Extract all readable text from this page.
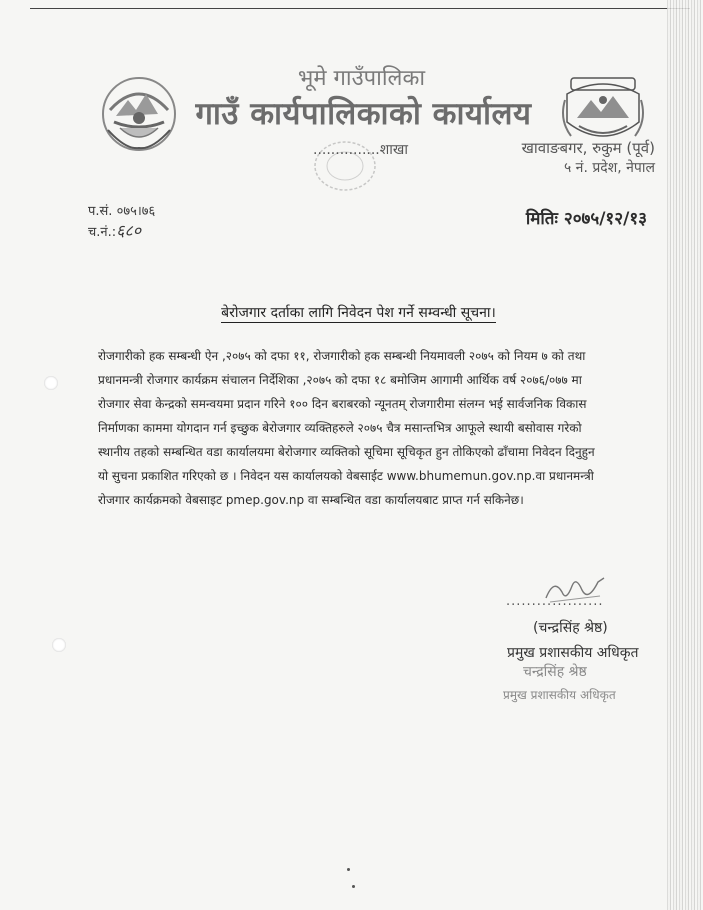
भूमे गाउँपालिका
गाउँ कार्यपालिकाको कार्यालय
...............शाखा	खावाङबगर, रुकुम (पूर्व)
५ नं. प्रदेश, नेपाल
प.सं. ०७५।७६
च.नं.:६८०
मितिः २०७५/१२/१३
बेरोजगार दर्ताका लागि निवेदन पेश गर्ने सम्वन्धी सूचना।
रोजगारीको हक सम्बन्धी ऐन ,२०७५ को दफा ११, रोजगारीको हक सम्बन्धी नियमावली २०७५ को नियम ७ को तथा
प्रधानमन्त्री रोजगार कार्यक्रम संचालन निर्देशिका ,२०७५ को दफा १८ बमोजिम आगामी आर्थिक वर्ष २०७६/०७७ मा
रोजगार सेवा केन्द्रको समन्वयमा प्रदान गरिने १०० दिन बराबरको न्यूनतम् रोजगारीमा संलग्न भई सार्वजनिक विकास
निर्माणका काममा योगदान गर्न इच्छुक बेरोजगार व्यक्तिहरुले २०७५ चैत्र मसान्तभित्र आफूले स्थायी बसोवास गरेको
स्थानीय तहको सम्बन्धित वडा कार्यालयमा बेरोजगार व्यक्तिको सूचिमा सूचिकृत हुन तोकिएको ढाँचामा निवेदन दिनुहुन
यो सुचना प्रकाशित गरिएको छ । निवेदन यस कार्यालयको वेबसाईट www.bhumemun.gov.np.वा प्रधानमन्त्री
रोजगार कार्यक्रमको वेबसाइट pmep.gov.np वा सम्बन्धित वडा कार्यालयबाट प्राप्त गर्न सकिनेछ।
...................
(चन्द्रसिंह श्रेष्ठ)
प्रमुख प्रशासकीय अधिकृत
चन्द्रसिंह श्रेष्ठ
प्रमुख प्रशासकीय अधिकृत
